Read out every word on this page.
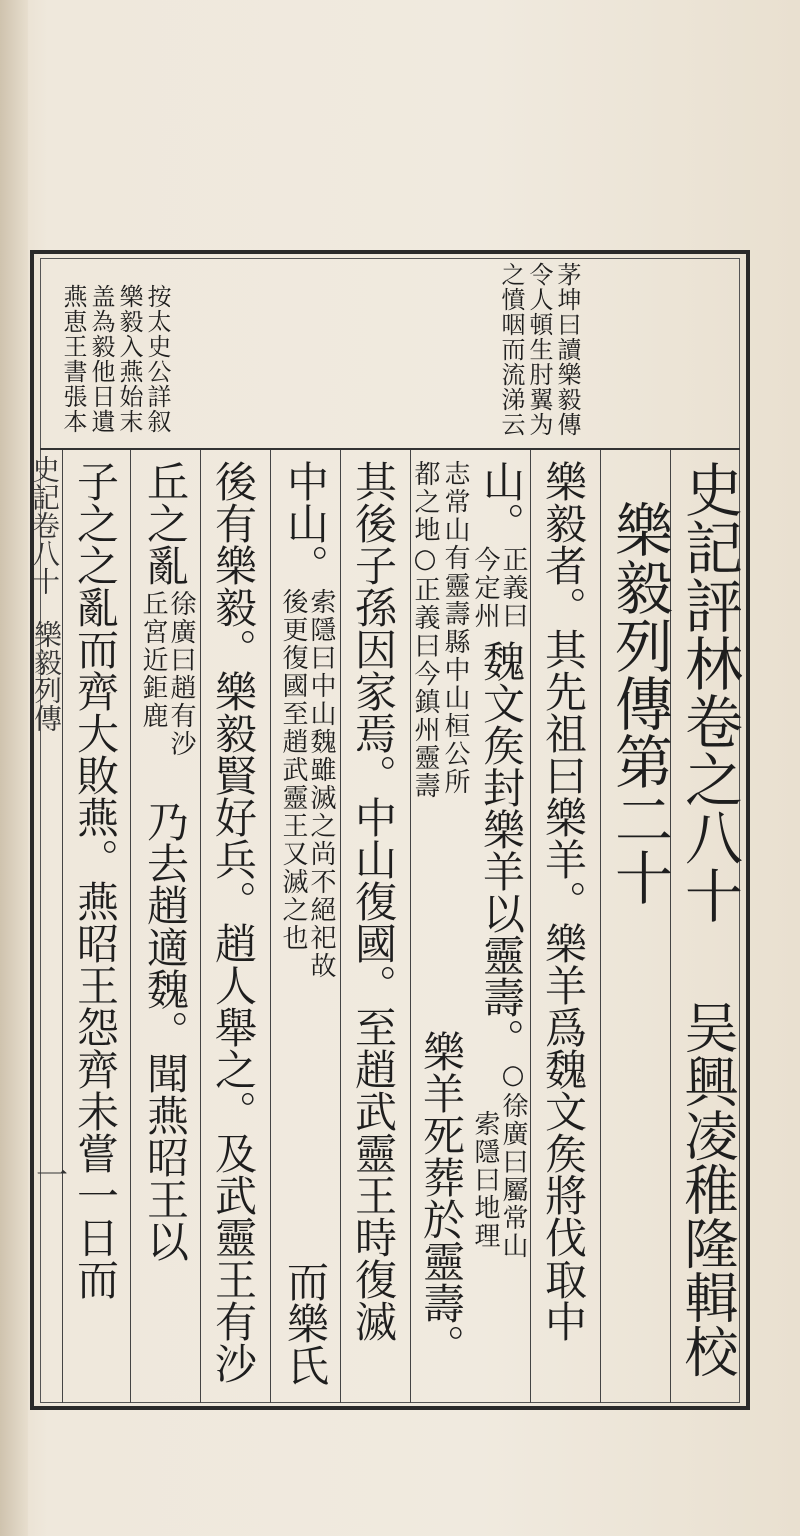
茅坤曰讀樂毅傳
令人頓生肘翼为
之憤咽而流涕云
按太史公詳叙
樂毅入燕始末
盖為毅他日遺
燕恵王書張本
史記評林卷之八十
吴興凌稚隆輯校
樂毅列傳第二十
樂毅者。其先祖曰樂羊。樂羊爲魏文矦將伐取中
山。
正義曰
今定州
魏文矦封樂羊以靈壽。
○徐廣曰屬常山
索隱曰地理
志常山有靈壽縣中山桓公所
都之地○正義曰今鎮州靈壽
樂羊死葬於靈壽。
其後子孫因家焉。中山復國。至趙武靈王時復滅
中山。
索隱曰中山魏雖滅之尚不絕祀故
後更復國至趙武靈王又滅之也
而樂氏
後有樂毅。樂毅賢好兵。趙人舉之。及武靈王有沙
丘之亂
徐廣曰趙有沙
丘宮近鉅鹿
乃去趙適魏。聞燕昭王以
子之之亂而齊大敗燕。燕昭王怨齊未嘗一日而
史記卷八十
樂毅列傳
一
